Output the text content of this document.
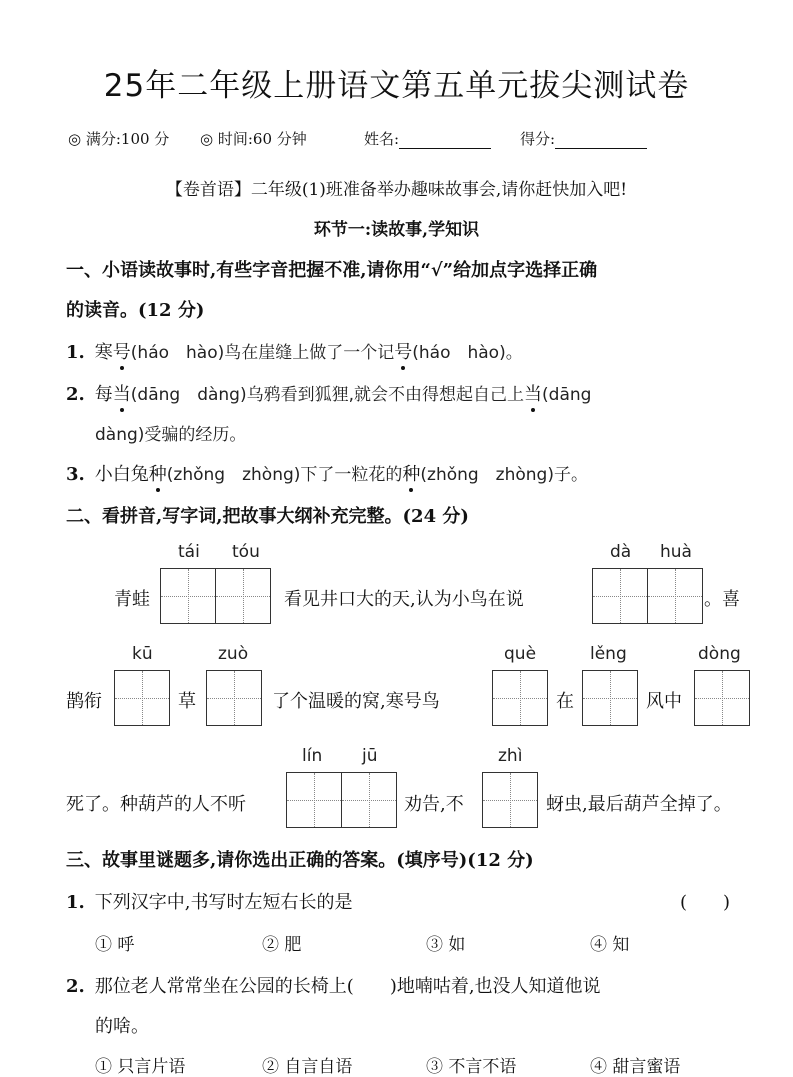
25年二年级上册语文第五单元拔尖测试卷
◎ 满分:100 分 ◎ 时间:60 分钟	姓名:	得分:
【卷首语】二年级(1)班准备举办趣味故事会,请你赶快加入吧!
环节一:读故事,学知识
一、小语读故事时,有些字音把握不准,请你用“√”给加点字选择正确
的读音。(12 分)
1. 寒号(háo　hào)鸟在崖缝上做了一个记号(háo　hào)。
2. 每当(dāng　dàng)乌鸦看到狐狸,就会不由得想起自己上当(dāng
dàng)受骗的经历。
3. 小白兔种(zhǒng　zhòng)下了一粒花的种(zhǒng　zhòng)子。
二、看拼音,写字词,把故事大纲补充完整。(24 分)
tái tóu
青蛙	看见井口大的天,认为小鸟在说
dà huà
。喜
kū	zuò	què	lěng	dòng
鹊衔	草	了个温暖的窝,寒号鸟	在	风中
lín jū	zhì
死了。种葫芦的人不听	劝告,不	蚜虫,最后葫芦全掉了。
三、故事里谜题多,请你选出正确的答案。(填序号)(12 分)
1. 下列汉字中,书写时左短右长的是	(　　)
① 呼	② 肥	③ 如	④ 知
2. 那位老人常常坐在公园的长椅上(　　)地喃咕着,也没人知道他说
的啥。
① 只言片语	② 自言自语	③ 不言不语	④ 甜言蜜语
